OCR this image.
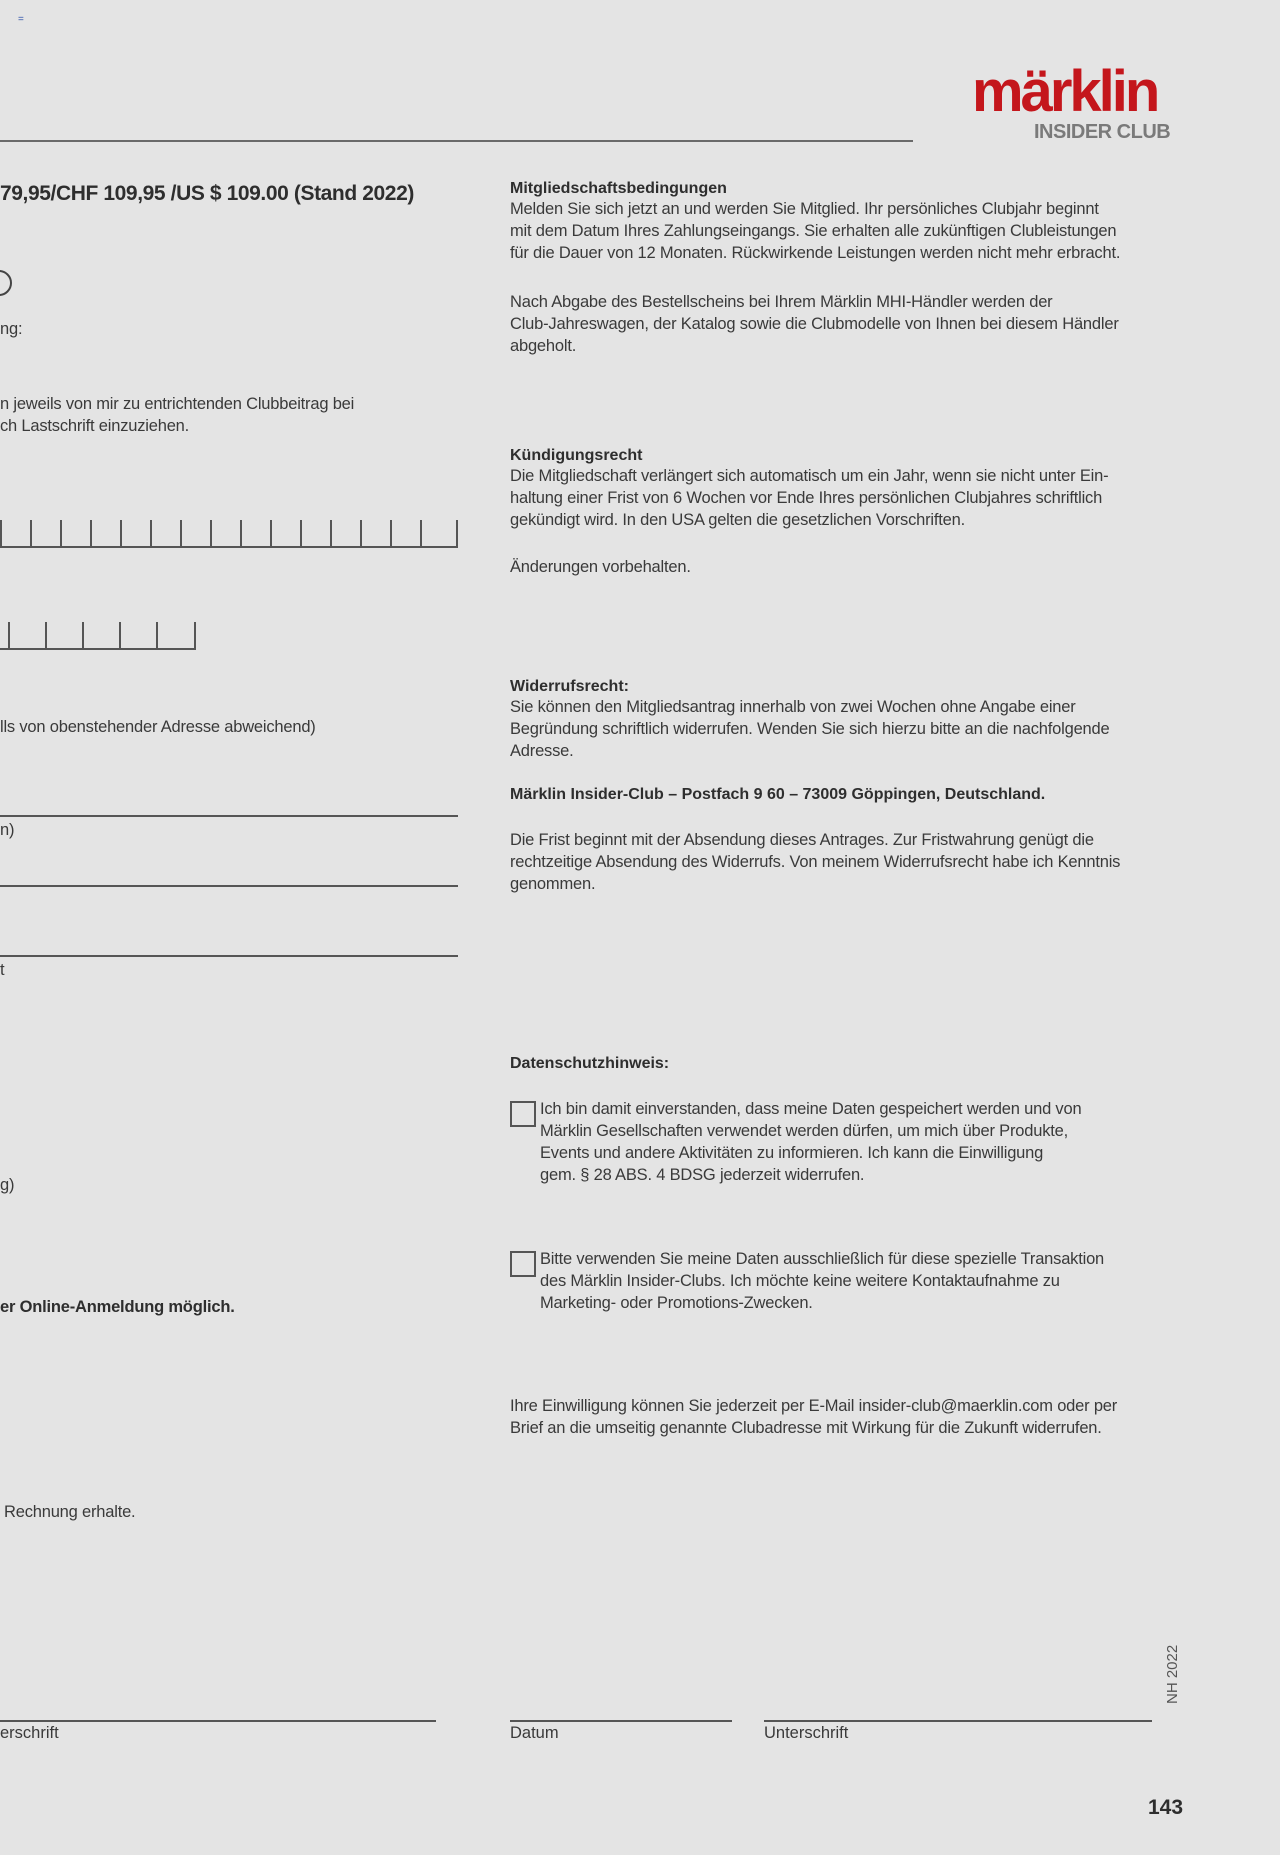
=
märklin
INSIDER CLUB
79,95/CHF 109,95 /US $ 109.00 (Stand 2022)
ng:
n jeweils von mir zu entrichtenden Clubbeitrag bei
ch Lastschrift einzuziehen.
lls von obenstehender Adresse abweichend)
n)
t
g)
er Online-Anmeldung möglich.
Rechnung erhalte.
erschrift
Mitgliedschaftsbedingungen
Melden Sie sich jetzt an und werden Sie Mitglied. Ihr persönliches Clubjahr beginnt
mit dem Datum Ihres Zahlungseingangs. Sie erhalten alle zukünftigen Clubleistungen
für die Dauer von 12 Monaten. Rückwirkende Leistungen werden nicht mehr erbracht.
Nach Abgabe des Bestellscheins bei Ihrem Märklin MHI-Händler werden der
Club-Jahreswagen, der Katalog sowie die Clubmodelle von Ihnen bei diesem Händler
abgeholt.
Kündigungsrecht
Die Mitgliedschaft verlängert sich automatisch um ein Jahr, wenn sie nicht unter Ein-
haltung einer Frist von 6 Wochen vor Ende Ihres persönlichen Clubjahres schriftlich
gekündigt wird. In den USA gelten die gesetzlichen Vorschriften.
Änderungen vorbehalten.
Widerrufsrecht:
Sie können den Mitgliedsantrag innerhalb von zwei Wochen ohne Angabe einer
Begründung schriftlich widerrufen. Wenden Sie sich hierzu bitte an die nachfolgende
Adresse.
Märklin Insider-Club – Postfach 9 60 – 73009 Göppingen, Deutschland.
Die Frist beginnt mit der Absendung dieses Antrages. Zur Fristwahrung genügt die
rechtzeitige Absendung des Widerrufs. Von meinem Widerrufsrecht habe ich Kenntnis
genommen.
Datenschutzhinweis:
Ich bin damit einverstanden, dass meine Daten gespeichert werden und von
Märklin Gesellschaften verwendet werden dürfen, um mich über Produkte,
Events und andere Aktivitäten zu informieren. Ich kann die Einwilligung
gem. § 28 ABS. 4 BDSG jederzeit widerrufen.
Bitte verwenden Sie meine Daten ausschließlich für diese spezielle Transaktion
des Märklin Insider-Clubs. Ich möchte keine weitere Kontaktaufnahme zu
Marketing- oder Promotions-Zwecken.
Ihre Einwilligung können Sie jederzeit per E-Mail insider-club@maerklin.com oder per
Brief an die umseitig genannte Clubadresse mit Wirkung für die Zukunft widerrufen.
Datum	Unterschrift
NH 2022
143
